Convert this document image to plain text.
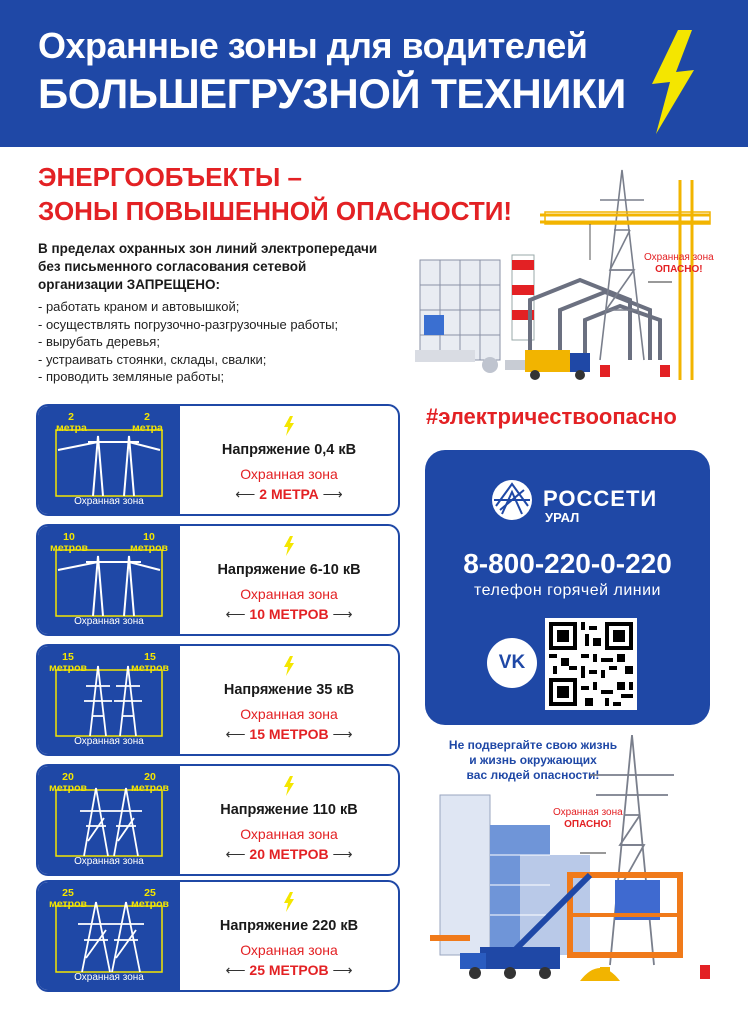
Охранные зоны для водителей
БОЛЬШЕГРУЗНОЙ ТЕХНИКИ
ЭНЕРГООБЪЕКТЫ –
ЗОНЫ ПОВЫШЕННОЙ ОПАСНОСТИ!
В пределах охранных зон линий электропередачи
без письменного согласования сетевой
организации ЗАПРЕЩЕНО:
- работать краном и автовышкой;
- осуществлять погрузочно-разгрузочные работы;
- вырубать деревья;
- устраивать стоянки, склады, свалки;
- проводить земляные работы;
Охранная зона
ОПАСНО!
2
метра
2
метра
Охранная зона
Напряжение 0,4 кВ
Охранная зона
⟵ 2 МЕТРА ⟶
10
метров
10
метров
Охранная зона
Напряжение 6-10 кВ
Охранная зона
⟵ 10 МЕТРОВ ⟶
15
метров
15
метров
Охранная зона
Напряжение 35 кВ
Охранная зона
⟵ 15 МЕТРОВ ⟶
20
метров
20
метров
Охранная зона
Напряжение 110 кВ
Охранная зона
⟵ 20 МЕТРОВ ⟶
25
метров
25
метров
Охранная зона
Напряжение 220 кВ
Охранная зона
⟵ 25 МЕТРОВ ⟶
#электричествоопасно
РОССЕТИ
УРАЛ
8-800-220-0-220
телефон горячей линии
VK
Не подвергайте свою жизнь
и жизнь окружающих
вас людей опасности!
Охранная зона
ОПАСНО!
